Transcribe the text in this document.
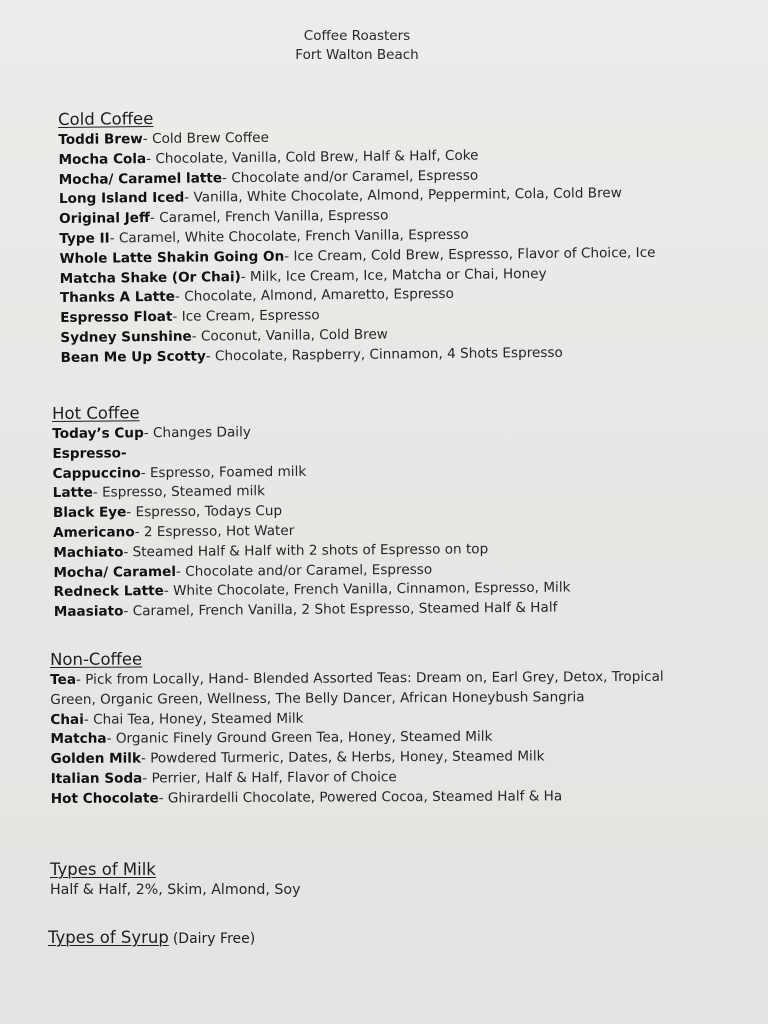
Coffee Roasters
Fort Walton Beach
Cold Coffee

Toddi Brew- Cold Brew Coffee

Mocha Cola- Chocolate, Vanilla, Cold Brew, Half & Half, Coke

Mocha/ Caramel latte- Chocolate and/or Caramel, Espresso

Long Island Iced- Vanilla, White Chocolate, Almond, Peppermint, Cola, Cold Brew

Original Jeff- Caramel, French Vanilla, Espresso

Type II- Caramel, White Chocolate, French Vanilla, Espresso

Whole Latte Shakin Going On- Ice Cream, Cold Brew, Espresso, Flavor of Choice, Ice

Matcha Shake (Or Chai)- Milk, Ice Cream, Ice, Matcha or Chai, Honey

Thanks A Latte- Chocolate, Almond, Amaretto, Espresso

Espresso Float- Ice Cream, Espresso

Sydney Sunshine- Coconut, Vanilla, Cold Brew

Bean Me Up Scotty- Chocolate, Raspberry, Cinnamon, 4 Shots Espresso

Hot Coffee

Today’s Cup- Changes Daily

Espresso-

Cappuccino- Espresso, Foamed milk

Latte- Espresso, Steamed milk

Black Eye- Espresso, Todays Cup

Americano- 2 Espresso, Hot Water

Machiato- Steamed Half & Half with 2 shots of Espresso on top

Mocha/ Caramel- Chocolate and/or Caramel, Espresso

Redneck Latte- White Chocolate, French Vanilla, Cinnamon, Espresso, Milk

Maasiato- Caramel, French Vanilla, 2 Shot Espresso, Steamed Half & Half

Non-Coffee

Tea- Pick from Locally, Hand- Blended Assorted Teas: Dream on, Earl Grey, Detox, Tropical Green, Organic Green, Wellness, The Belly Dancer, African Honeybush Sangria

Chai- Chai Tea, Honey, Steamed Milk

Matcha- Organic Finely Ground Green Tea, Honey, Steamed Milk

Golden Milk- Powdered Turmeric, Dates, & Herbs, Honey, Steamed Milk

Italian Soda- Perrier, Half & Half, Flavor of Choice

Hot Chocolate- Ghirardelli Chocolate, Powered Cocoa, Steamed Half & Ha

Types of Milk

Half & Half, 2%, Skim, Almond, Soy

Types of Syrup (Dairy Free)
